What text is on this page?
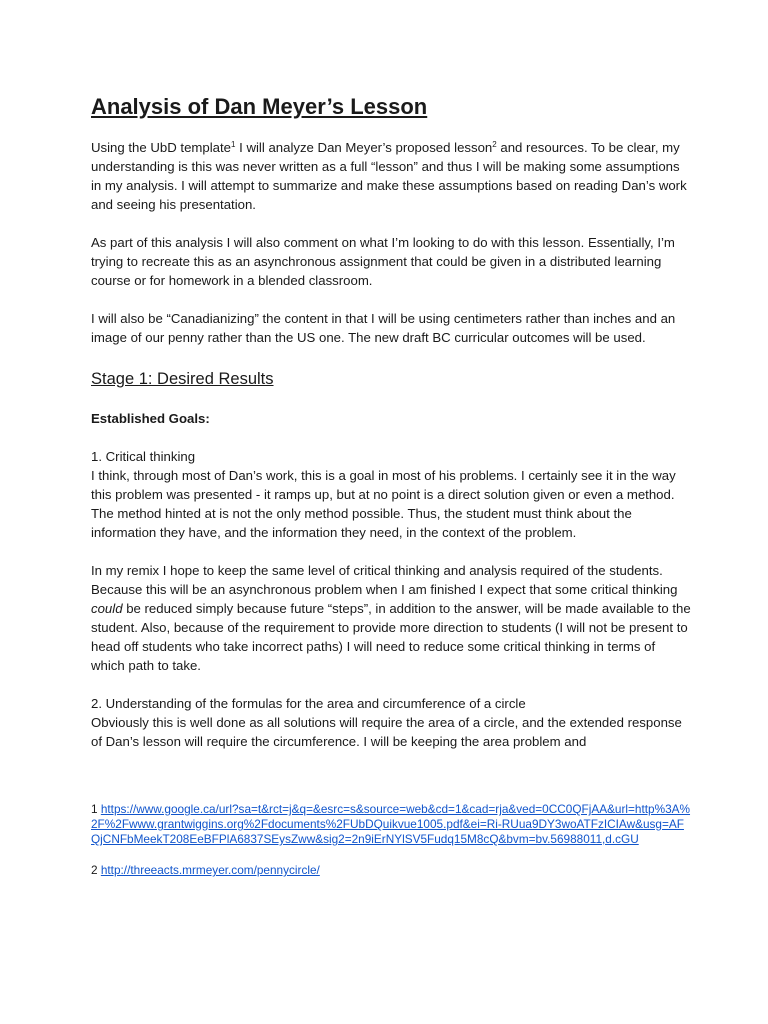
Analysis of Dan Meyer’s Lesson

Using the UbD template$^1$ I will analyze Dan Meyer’s proposed lesson$^2$ and resources. To be clear, my understanding is this was never written as a full “lesson” and thus I will be making some assumptions in my analysis. I will attempt to summarize and make these assumptions based on reading Dan’s work and seeing his presentation.

As part of this analysis I will also comment on what I’m looking to do with this lesson. Essentially, I’m trying to recreate this as an asynchronous assignment that could be given in a distributed learning course or for homework in a blended classroom.

I will also be “Canadianizing” the content in that I will be using centimeters rather than inches and an image of our penny rather than the US one. The new draft BC curricular outcomes will be used.

Stage 1: Desired Results
Established Goals:

1. Critical thinking

I think, through most of Dan’s work, this is a goal in most of his problems. I certainly see it in the way this problem was presented - it ramps up, but at no point is a direct solution given or even a method. The method hinted at is not the only method possible. Thus, the student must think about the information they have, and the information they need, in the context of the problem.

In my remix I hope to keep the same level of critical thinking and analysis required of the students. Because this will be an asynchronous problem when I am finished I expect that some critical thinking could be reduced simply because future “steps”, in addition to the answer, will be made available to the student. Also, because of the requirement to provide more direction to students (I will not be present to head off students who take incorrect paths) I will need to reduce some critical thinking in terms of which path to take.

2. Understanding of the formulas for the area and circumference of a circle

Obviously this is well done as all solutions will require the area of a circle, and the extended response of Dan’s lesson will require the circumference. I will be keeping the area problem and

1 https://www.google.ca/url?sa=t&rct=j&q=&esrc=s&source=web&cd=1&cad=rja&ved=0CC0QFjAA&url=http%3A%2F%2Fwww.grantwiggins.org%2Fdocuments%2FUbDQuikvue1005.pdf&ei=Ri-RUua9DY3woATFzICIAw&usg=AFQjCNFbMeekT208EeBFPlA6837SEysZww&sig2=2n9iErNYlSV5Fudq15M8cQ&bvm=bv.56988011,d.cGU

2 http://threeacts.mrmeyer.com/pennycircle/
